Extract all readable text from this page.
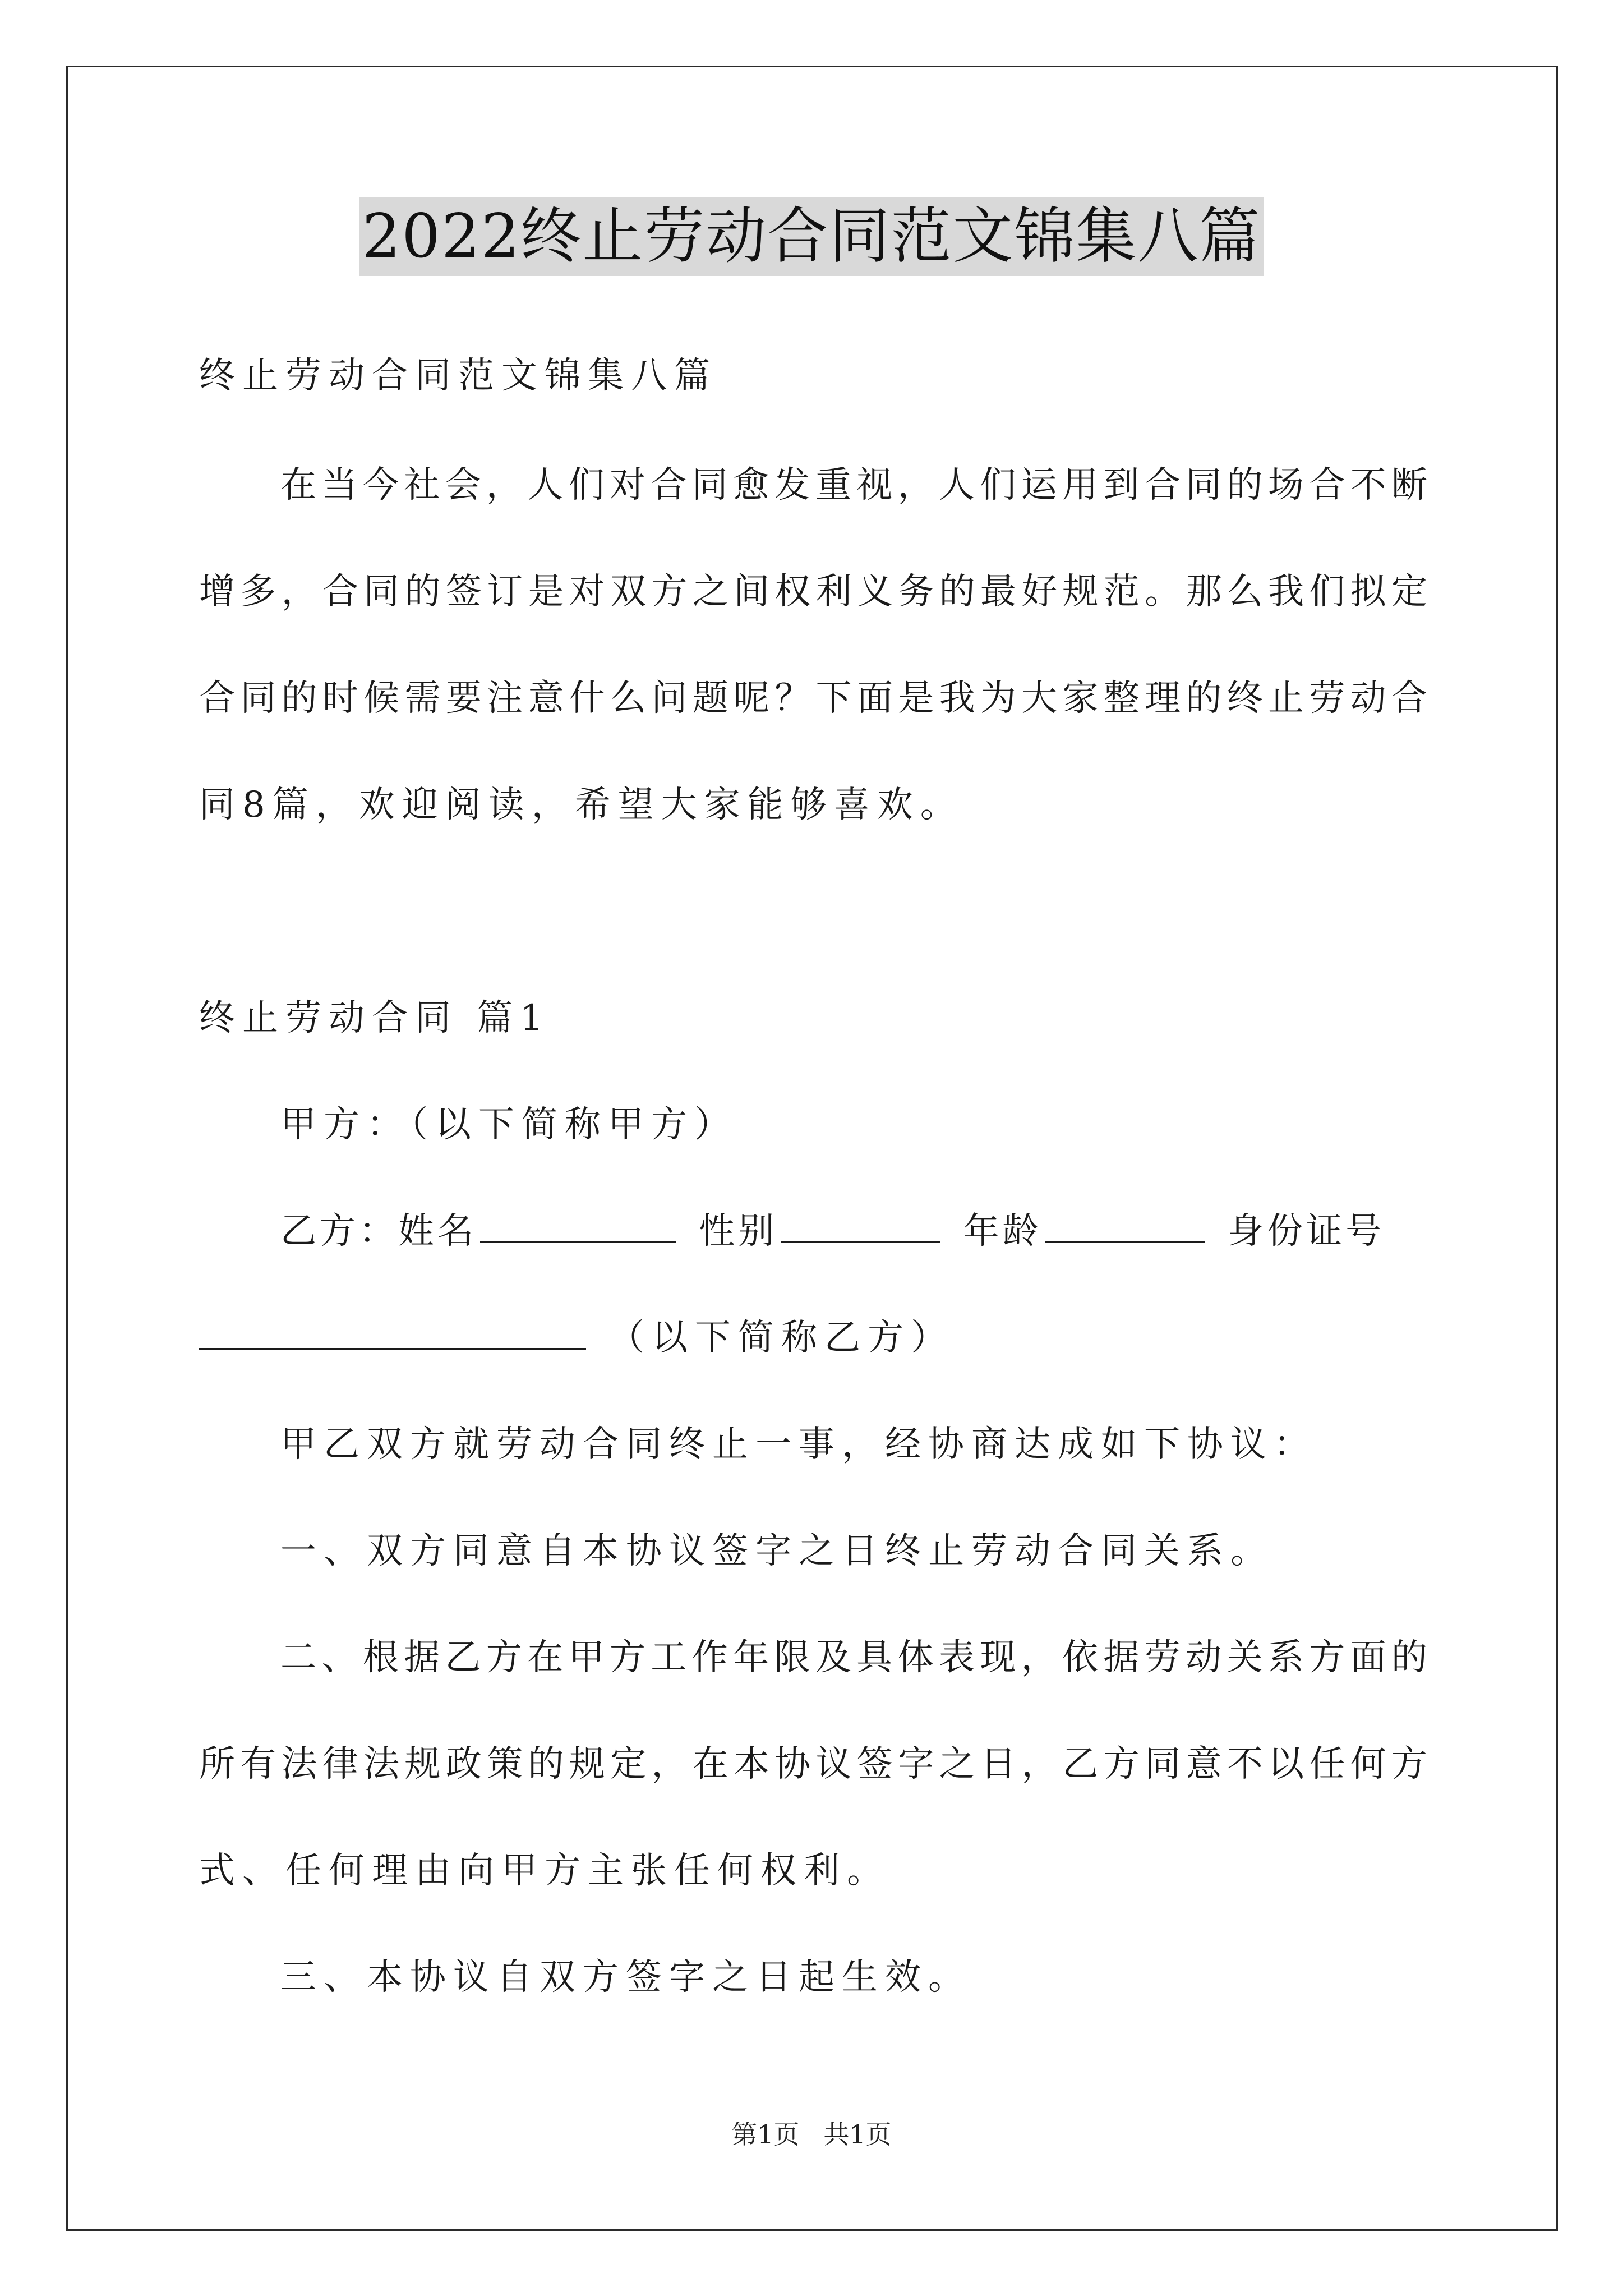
2022终止劳动合同范文锦集八篇

终止劳动合同范文锦集八篇

在当今社会，人们对合同愈发重视，人们运用到合同的场合不断

增多，合同的签订是对双方之间权利义务的最好规范。那么我们拟定

合同的时候需要注意什么问题呢？下面是我为大家整理的终止劳动合

同8篇，欢迎阅读，希望大家能够喜欢。

终止劳动合同 篇1

甲方：（以下简称甲方）

乙方：姓名	性别	年龄	身份证号

（以下简称乙方）

甲乙双方就劳动合同终止一事，经协商达成如下协议：

一、双方同意自本协议签字之日终止劳动合同关系。

二、根据乙方在甲方工作年限及具体表现，依据劳动关系方面的

所有法律法规政策的规定，在本协议签字之日，乙方同意不以任何方

式、任何理由向甲方主张任何权利。

三、本协议自双方签字之日起生效。

第1页 共1页
